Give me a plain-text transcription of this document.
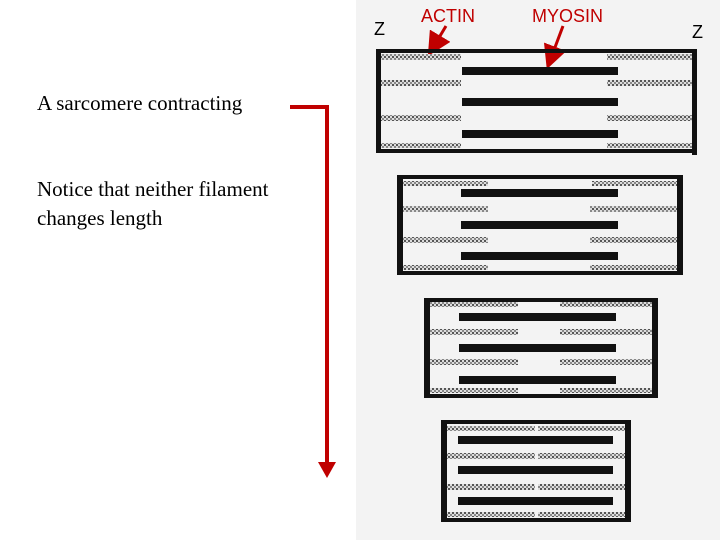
A sarcomere contracting
Notice that neither filament
changes length
Z
ACTIN	MYOSIN
Z
